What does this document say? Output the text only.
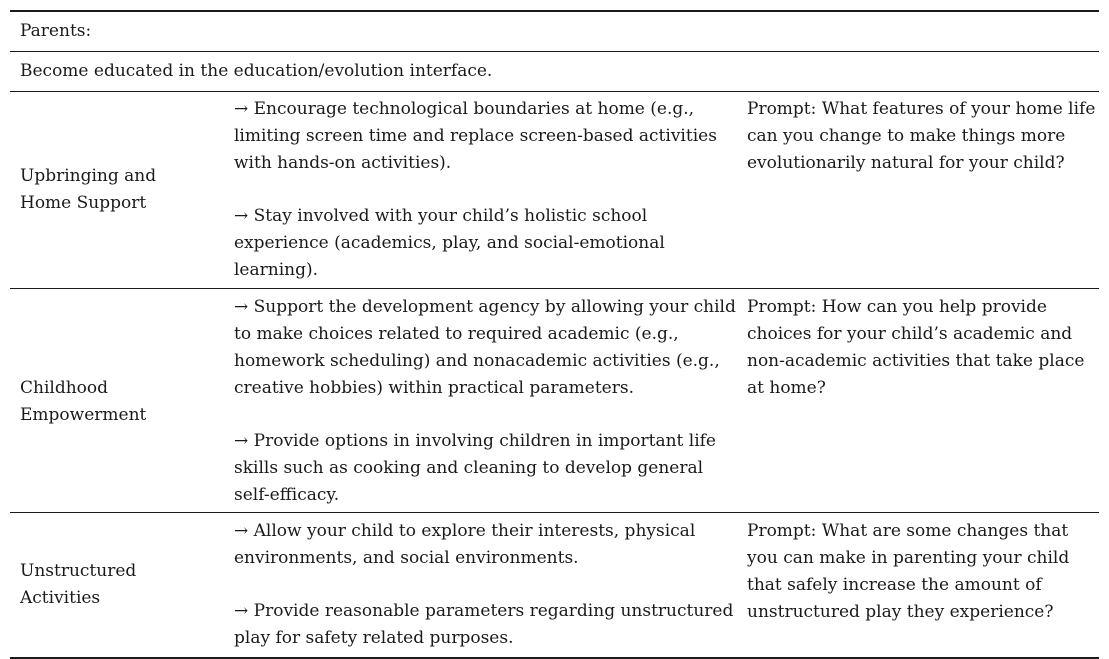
Parents:
Become educated in the education/evolution interface.
Upbringing and Home Support

→ Encourage technological boundaries at home (e.g., limiting screen time and replace screen-based activities with hands-on activities).

→ Stay involved with your child’s holistic school experience (academics, play, and social-emotional learning).

Prompt: What features of your home life can you change to make things more evolutionarily natural for your child?
Childhood Empowerment

→ Support the development agency by allowing your child to make choices related to required academic (e.g., homework scheduling) and nonacademic activities (e.g., creative hobbies) within practical parameters.

→ Provide options in involving children in important life skills such as cooking and cleaning to develop general self-efficacy.

Prompt: How can you help provide choices for your child’s academic and non-academic activities that take place at home?
Unstructured Activities

→ Allow your child to explore their interests, physical environments, and social environments.

→ Provide reasonable parameters regarding unstructured play for safety related purposes.

Prompt: What are some changes that you can make in parenting your child that safely increase the amount of unstructured play they experience?
